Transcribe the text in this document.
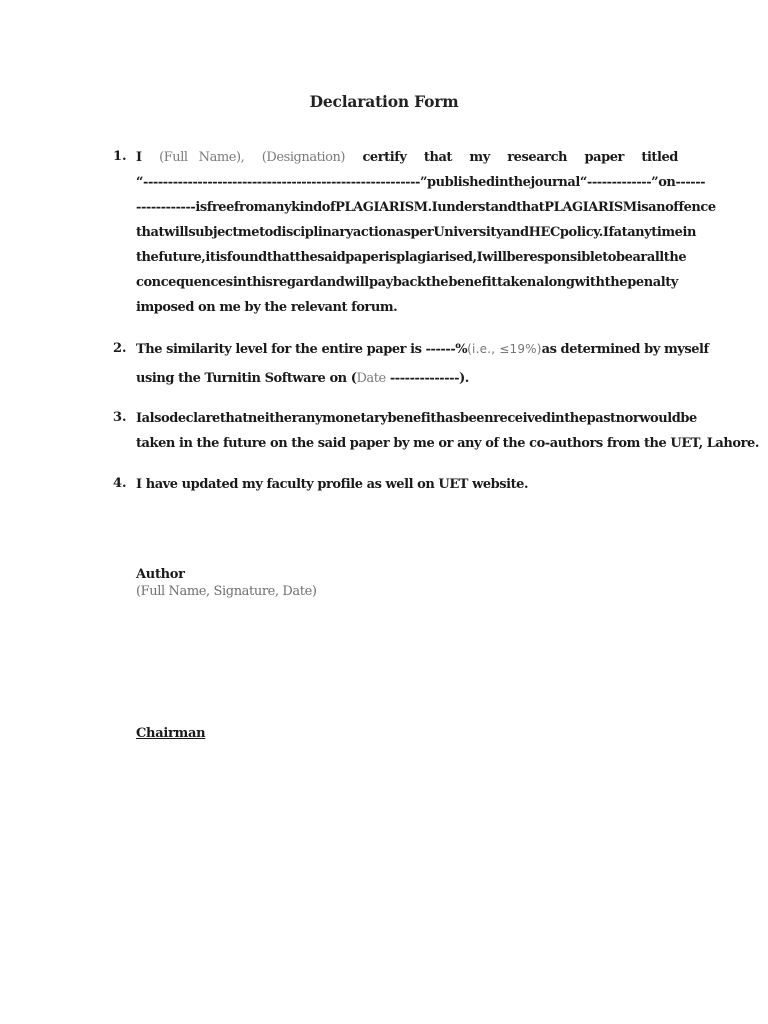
Declaration Form
1. I (Full Name), (Designation) certify that my research paper titled
“--------------------------------------------------------” published in the journal “ ------------- ” on ------
------------ is free from any kind of PLAGIARISM. I understand that PLAGIARISM is an offence
that will subject me to disciplinary action as per University and HEC policy. If at any time in
the future, it is found that the said paper is plagiarised, I will be responsible to bear all the
concequences in this regard and will pay back the benefit taken along with the penalty
imposed on me by the relevant forum.
2. The similarity level for the entire paper is ------% (i.e., ≤19%) as determined by myself
using the Turnitin Software on (Date --------------).
3. I also declare that neither any monetary benefit has been received in the past nor would be
taken in the future on the said paper by me or any of the co-authors from the UET, Lahore.
4. I have updated my faculty profile as well on UET website.
Author
(Full Name, Signature, Date)
Chairman
